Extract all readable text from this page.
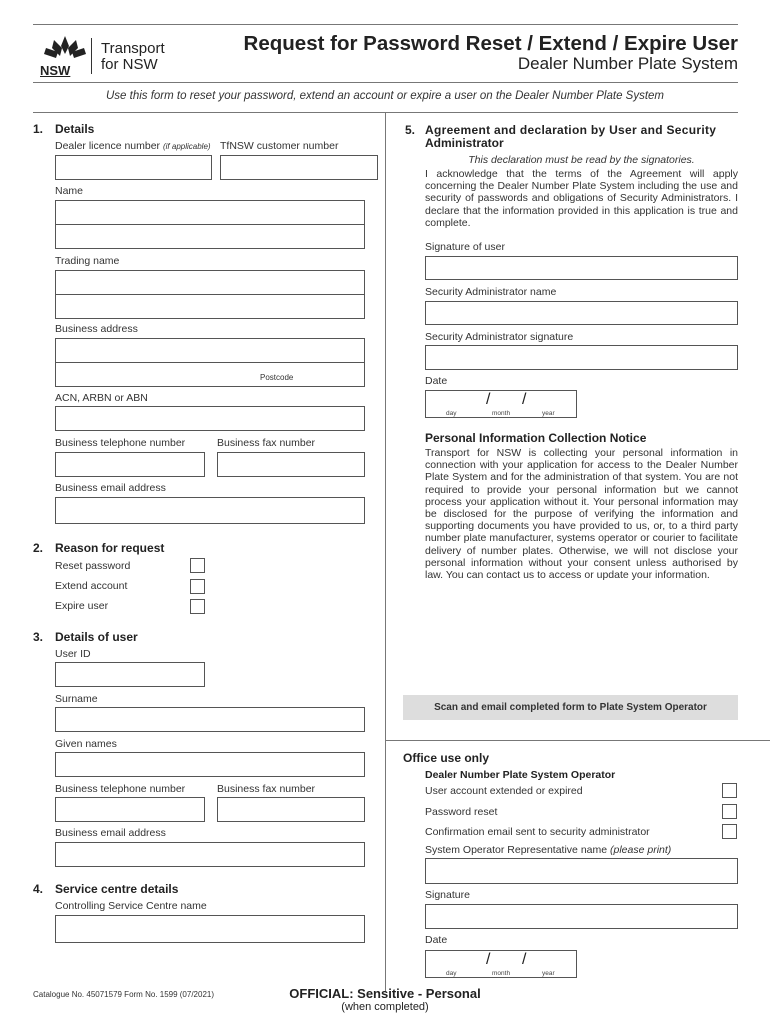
NSW
Transport
for NSW
Request for Password Reset / Extend / Expire User
Dealer Number Plate System
Use this form to reset your password, extend an account or expire a user on the Dealer Number Plate System
1. Details
Dealer licence number (if applicable) TfNSW customer number
Name
Trading name
Business address
Postcode
ACN, ARBN or ABN
Business telephone number	Business fax number
Business email address
2. Reason for request
Reset password
Extend account
Expire user
3. Details of user
User ID
Surname
Given names
Business telephone number	Business fax number
Business email address
4. Service centre details
Controlling Service Centre name
5. Agreement and declaration by User and Security
Administrator
This declaration must be read by the signatories.
I acknowledge that the terms of the Agreement will apply concerning the Dealer Number Plate System including the use and security of passwords and obligations of Security Administrators. I declare that the information provided in this application is true and complete.
Signature of user
Security Administrator name
Security Administrator signature
Date
/ /
day	month	year
Personal Information Collection Notice
Transport for NSW is collecting your personal information in connection with your application for access to the Dealer Number Plate System and for the administration of that system. You are not required to provide your personal information but we cannot process your application without it. Your personal information may be disclosed for the purpose of verifying the information and supporting documents you have provided to us, or, to a third party number plate manufacturer, systems operator or courier to facilitate delivery of number plates. Otherwise, we will not disclose your personal information without your consent unless authorised by law. You can contact us to access or update your information.
Scan and email completed form to Plate System Operator
Office use only
Dealer Number Plate System Operator
User account extended or expired
Password reset
Confirmation email sent to security administrator
System Operator Representative name (please print)
Signature
Date
/ /
day	month	year
Catalogue No. 45071579 Form No. 1599 (07/2021)	OFFICIAL: Sensitive - Personal
(when completed)
